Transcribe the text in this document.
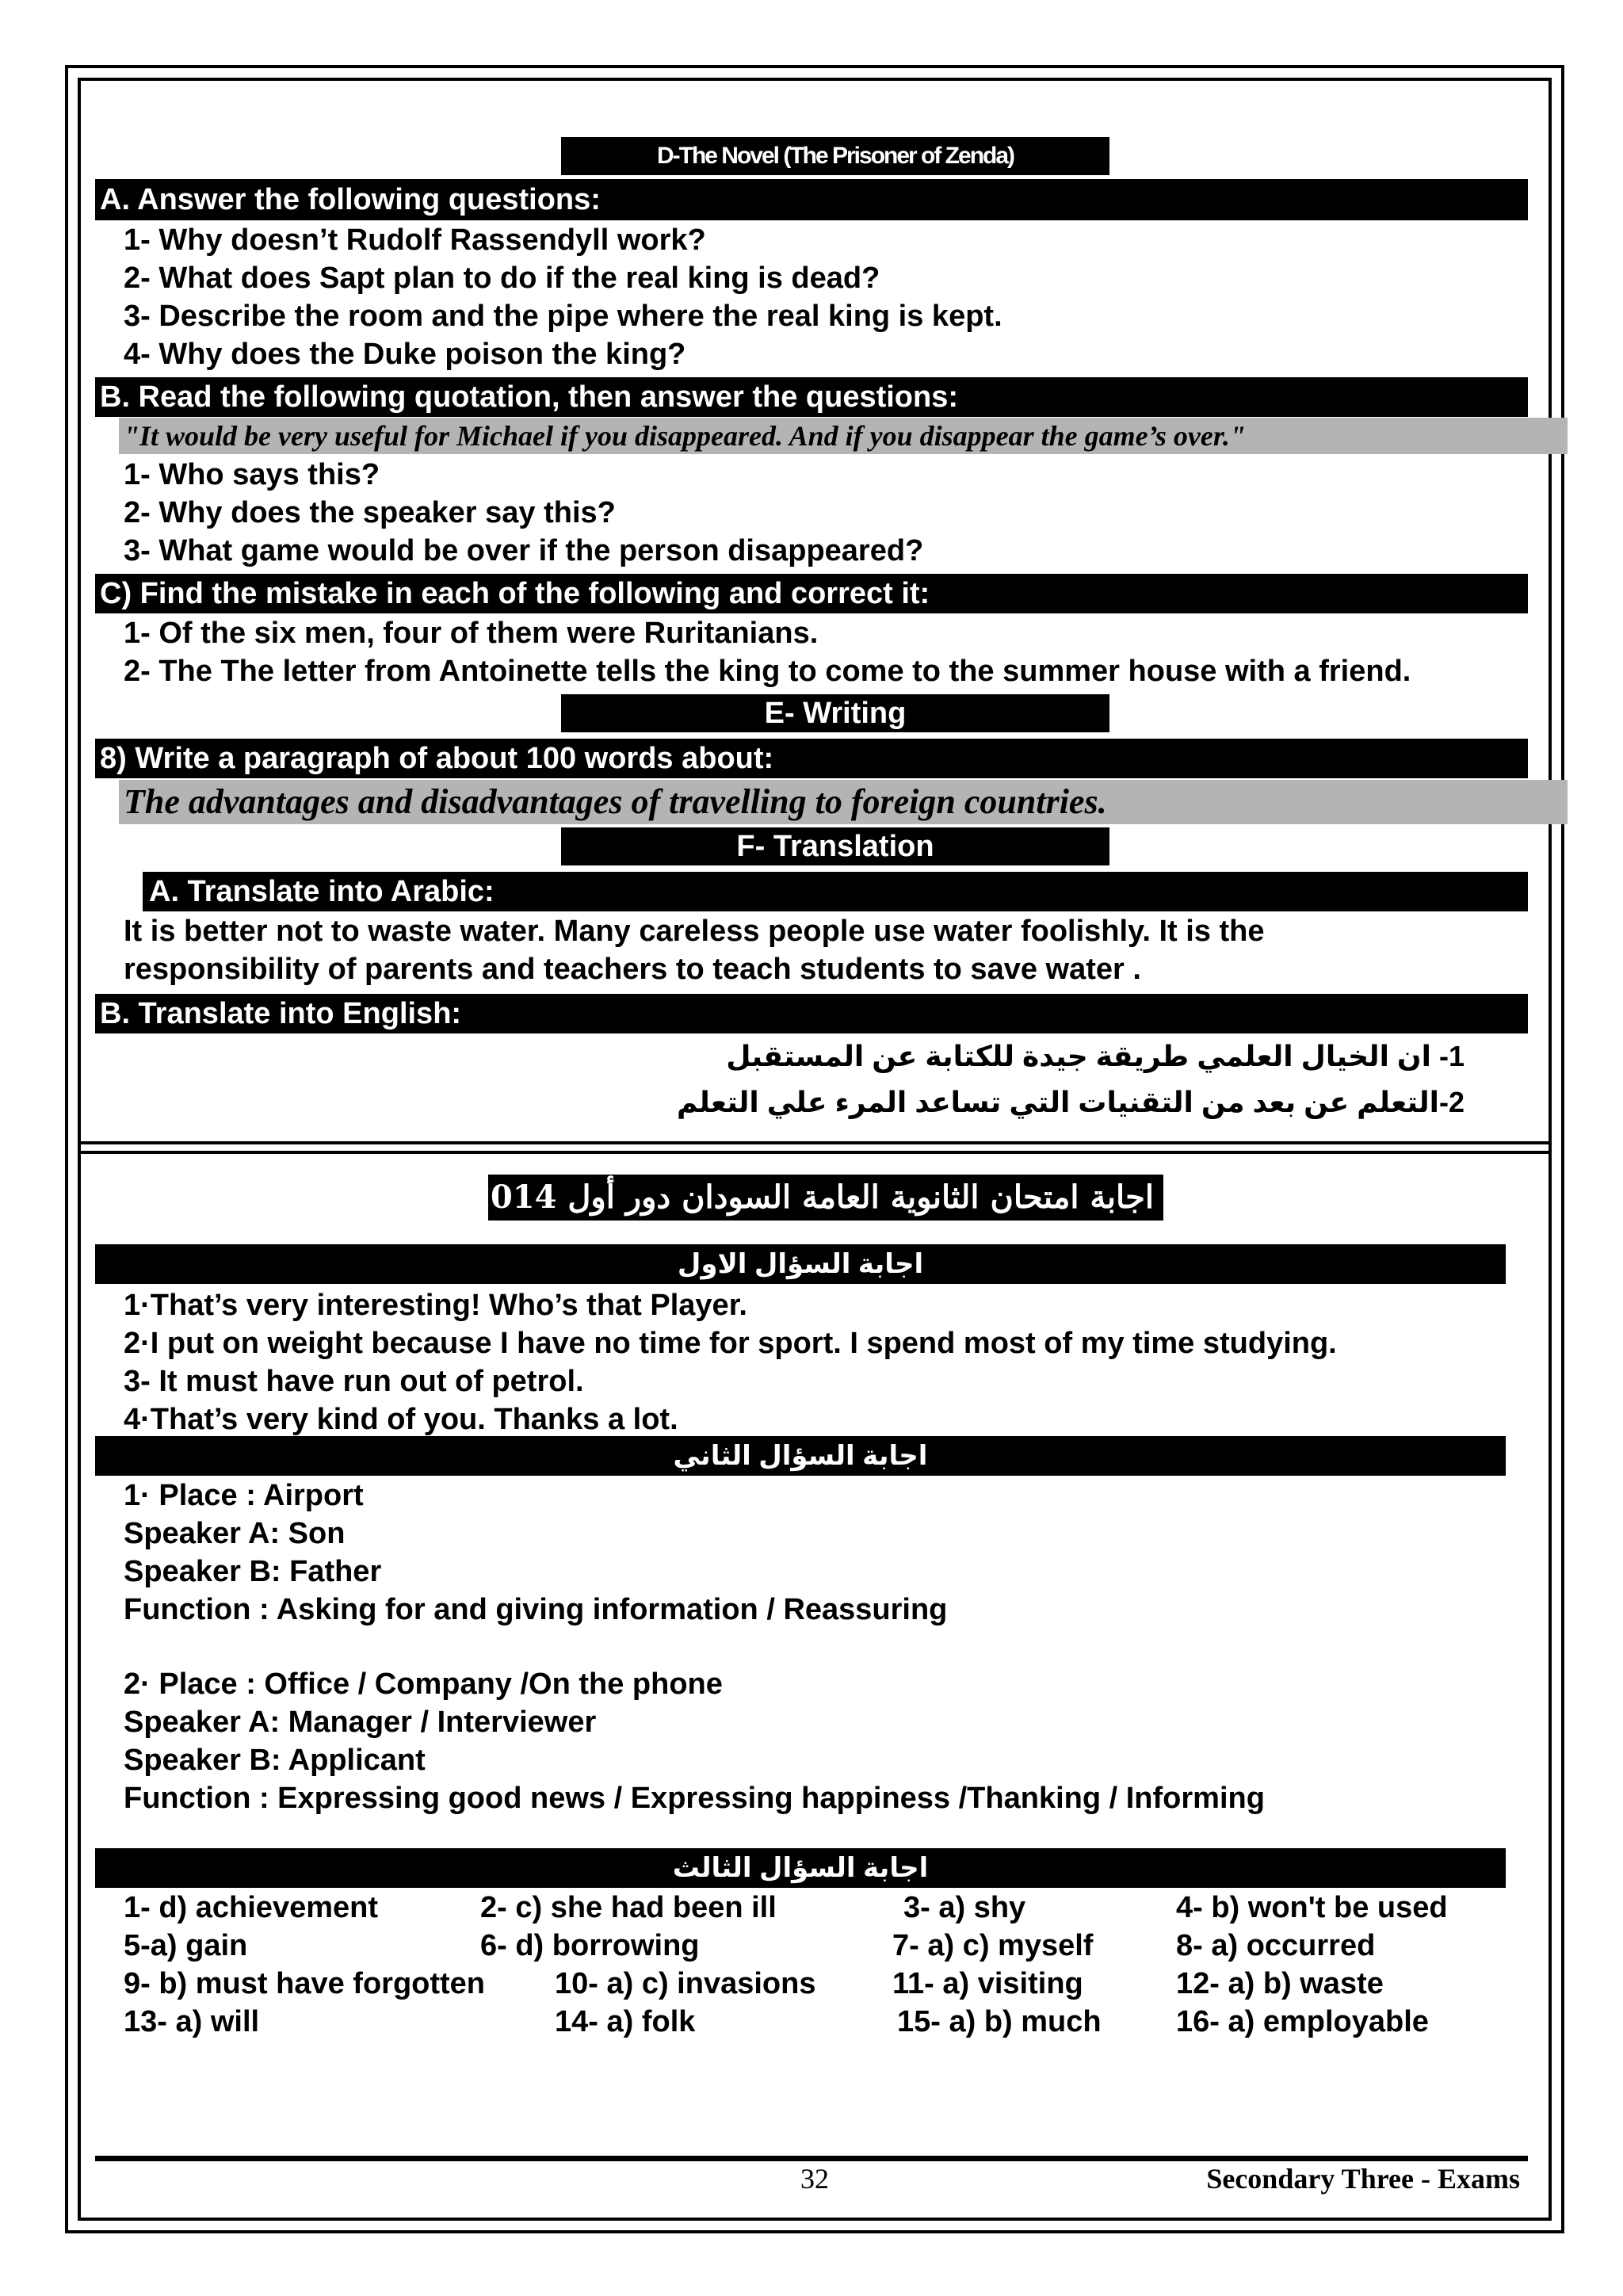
D-The Novel (The Prisoner of Zenda)
A. Answer the following questions:
1- Why doesn’t Rudolf Rassendyll work?
2- What does Sapt plan to do if the real king is dead?
3- Describe the room and the pipe where the real king is kept.
4- Why does the Duke poison the king?
B. Read the following quotation, then answer the questions:
"It would be very useful for Michael if you disappeared. And if you disappear the game’s over."
1- Who says this?
2- Why does the speaker say this?
3- What game would be over if the person disappeared?
C) Find the mistake in each of the following and correct it:
1- Of the six men, four of them were Ruritanians.
2- The The letter from Antoinette tells the king to come to the summer house with a friend.
E- Writing
8) Write a paragraph of about 100 words about:
The advantages and disadvantages of travelling to foreign countries.
F- Translation
A. Translate into Arabic:
It is better not to waste water. Many careless people use water foolishly. It is the
responsibility of parents and teachers to teach students to save water .
B. Translate into English:
1- ان الخيال العلمي طريقة جيدة للكتابة عن المستقبل
2-التعلم عن بعد من التقنيات التي تساعد المرء علي التعلم
اجابة امتحان الثانوية العامة السودان دور أول 2014
اجابة السؤال الاول
1·That’s very interesting! Who’s that Player.
2·I put on weight because I have no time for sport. I spend most of my time studying.
3- It must have run out of petrol.
4·That’s very kind of you. Thanks a lot.
اجابة السؤال الثاني
1· Place : Airport
Speaker A: Son
Speaker B: Father
Function : Asking for and giving information / Reassuring
2· Place : Office / Company /On the phone
Speaker A: Manager / Interviewer
Speaker B: Applicant
Function : Expressing good news / Expressing happiness /Thanking / Informing
اجابة السؤال الثالث
1- d) achievement	2- c) she had been ill	3- a) shy	4- b) won't be used
5-a) gain	6- d) borrowing	7- a) c) myself	8- a) occurred
9- b) must have forgotten 10- a) c) invasions	11- a) visiting	12- a) b) waste
13- a) will	14- a) folk	15- a) b) much 16- a) employable
32	Secondary Three - Exams
